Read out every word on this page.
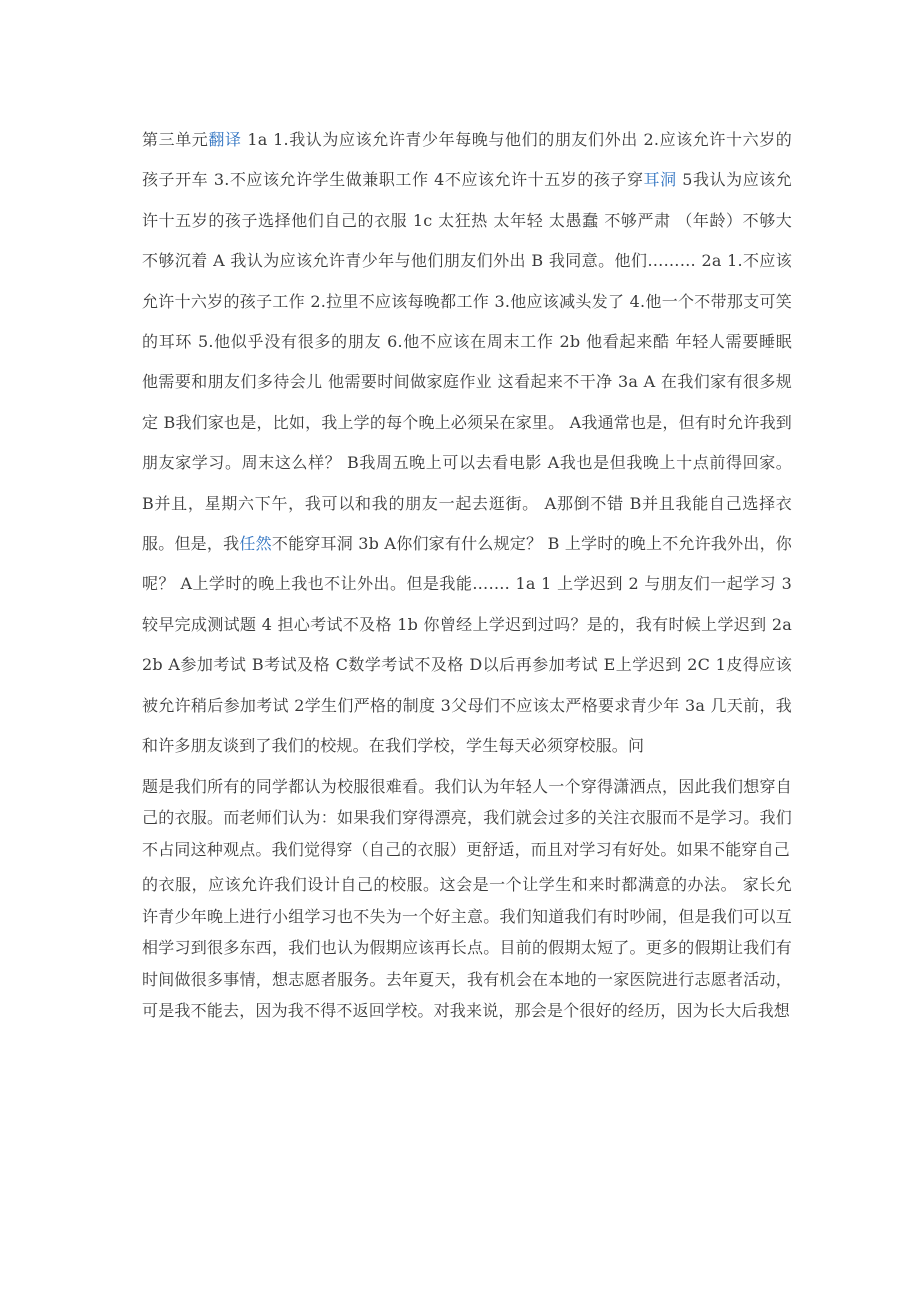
第三单元翻译 1a 1.我认为应该允许青少年每晚与他们的朋友们外出 2.应该允许十六岁的孩子开车 3.不应该允许学生做兼职工作 4不应该允许十五岁的孩子穿耳洞 5我认为应该允许十五岁的孩子选择他们自己的衣服 1c 太狂热 太年轻 太愚蠢 不够严肃 （年龄）不够大 不够沉着 A 我认为应该允许青少年与他们朋友们外出 B 我同意。他们……… 2a 1.不应该允许十六岁的孩子工作 2.拉里不应该每晚都工作 3.他应该减头发了 4.他一个不带那支可笑的耳环 5.他似乎没有很多的朋友 6.他不应该在周末工作 2b 他看起来酷 年轻人需要睡眠 他需要和朋友们多待会儿 他需要时间做家庭作业 这看起来不干净 3a A 在我们家有很多规定 B我们家也是，比如，我上学的每个晚上必须呆在家里。 A我通常也是，但有时允许我到朋友家学习。周末这么样？ B我周五晚上可以去看电影 A我也是但我晚上十点前得回家。 B并且，星期六下午，我可以和我的朋友一起去逛街。 A那倒不错 B并且我能自己选择衣服。但是，我任然不能穿耳洞 3b A你们家有什么规定？ B 上学时的晚上不允许我外出，你呢？ A上学时的晚上我也不让外出。但是我能……. 1a 1 上学迟到 2 与朋友们一起学习 3 较早完成测试题 4 担心考试不及格 1b 你曾经上学迟到过吗？是的，我有时候上学迟到 2a2b A参加考试 B考试及格 C数学考试不及格 D以后再参加考试 E上学迟到 2C 1皮得应该被允许稍后参加考试 2学生们严格的制度 3父母们不应该太严格要求青少年 3a 几天前，我和许多朋友谈到了我们的校规。在我们学校，学生每天必须穿校服。问

题是我们所有的同学都认为校服很难看。我们认为年轻人一个穿得潇洒点，因此我们想穿自己的衣服。而老师们认为：如果我们穿得漂亮，我们就会过多的关注衣服而不是学习。我们不占同这种观点。我们觉得穿（自己的衣服）更舒适，而且对学习有好处。如果不能穿自己

的衣服，应该允许我们设计自己的校服。这会是一个让学生和来时都满意的办法。 家长允许青少年晚上进行小组学习也不失为一个好主意。我们知道我们有时吵闹，但是我们可以互相学习到很多东西，我们也认为假期应该再长点。目前的假期太短了。更多的假期让我们有时间做很多事情，想志愿者服务。去年夏天，我有机会在本地的一家医院进行志愿者活动，可是我不能去，因为我不得不返回学校。对我来说，那会是个很好的经历，因为长大后我想
